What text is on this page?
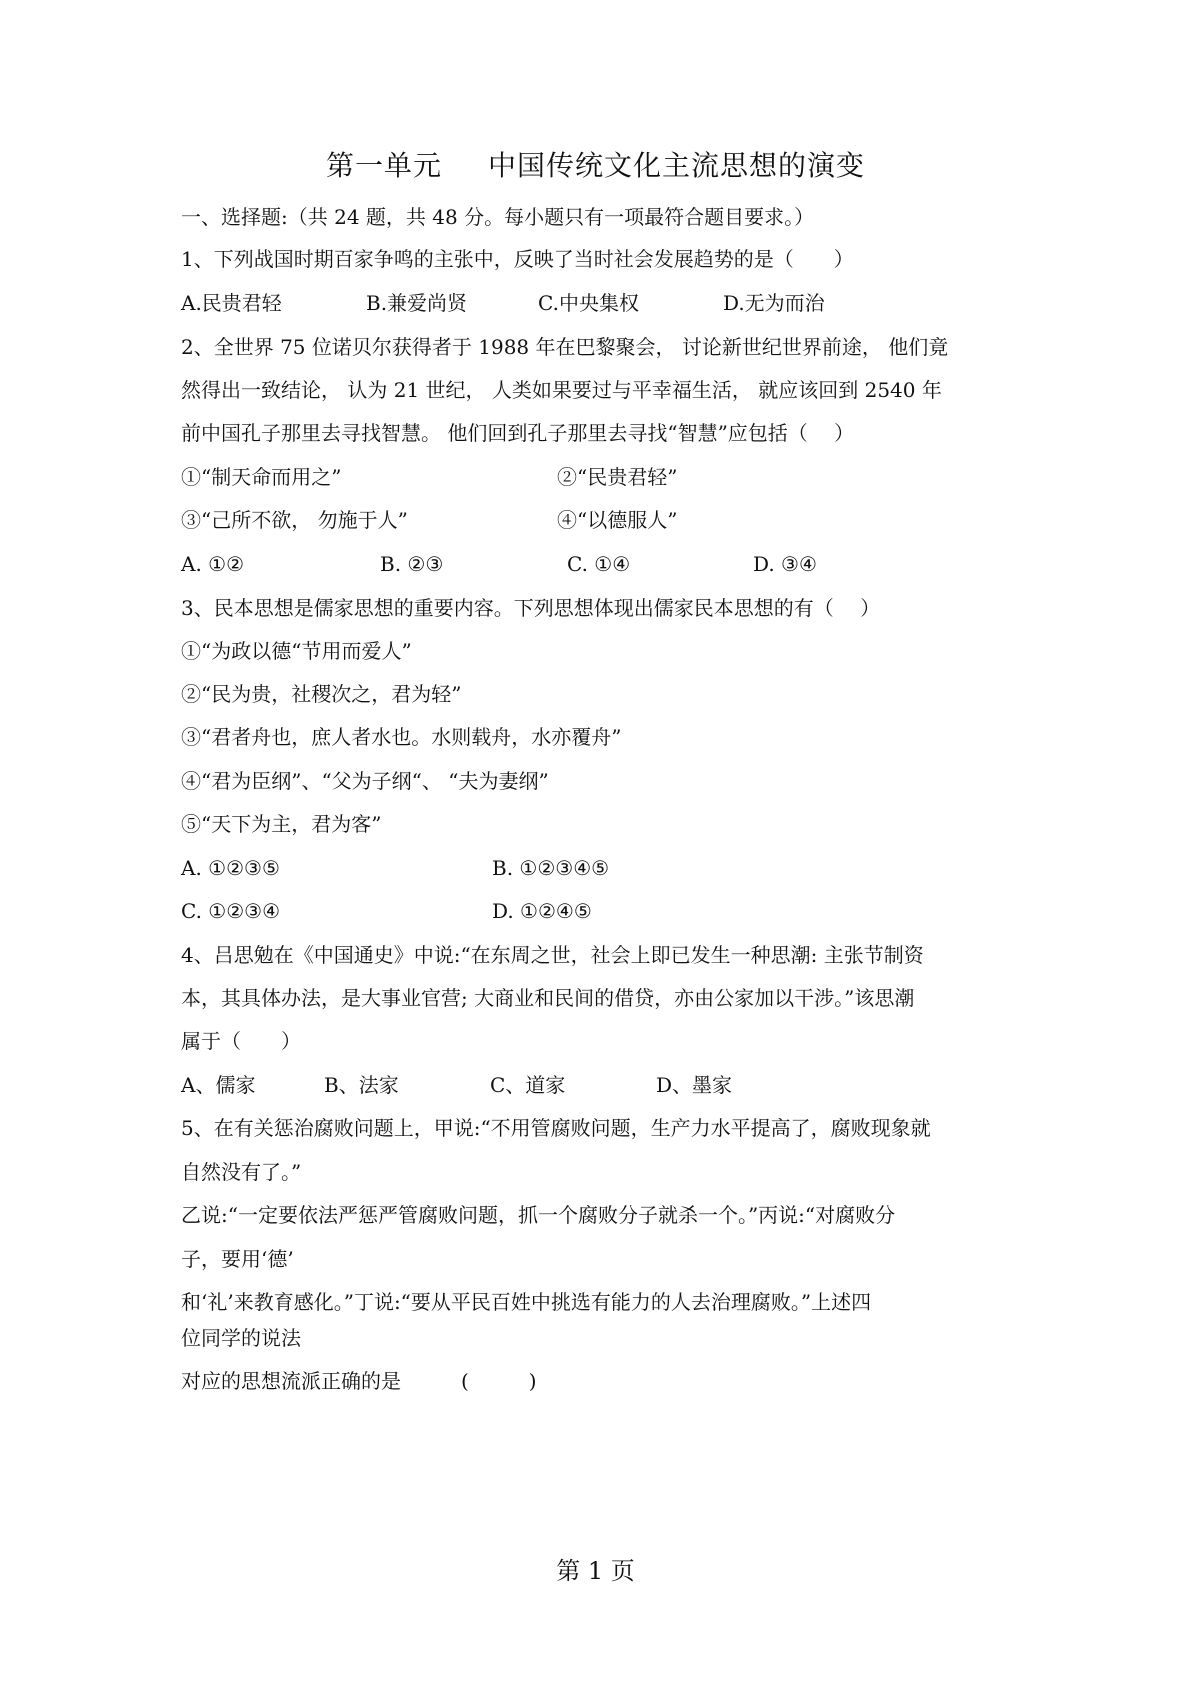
第一单元 中国传统文化主流思想的演变
一、选择题:（共 24 题，共 48 分。每小题只有一项最符合题目要求。）
1、下列战国时期百家争鸣的主张中，反映了当时社会发展趋势的是（　　）
A.民贵君轻	B.兼爱尚贤	C.中央集权	D.无为而治
2、全世界 75 位诺贝尔获得者于 1988 年在巴黎聚会， 讨论新世纪世界前途， 他们竟
然得出一致结论， 认为 21 世纪， 人类如果要过与平幸福生活， 就应该回到 2540 年
前中国孔子那里去寻找智慧。 他们回到孔子那里去寻找“智慧”应包括（　 ）
①“制天命而用之”	②“民贵君轻”
③“己所不欲， 勿施于人”	④“以德服人”
A. ①②	B. ②③	C. ①④	D. ③④
3、民本思想是儒家思想的重要内容。下列思想体现出儒家民本思想的有（　 ）
①“为政以德“节用而爱人”
②“民为贵，社稷次之，君为轻”
③“君者舟也，庶人者水也。水则载舟，水亦覆舟”
④“君为臣纲”、“父为子纲“、 “夫为妻纲”
⑤“天下为主，君为客”
A. ①②③⑤	B. ①②③④⑤
C. ①②③④	D. ①②④⑤
4、吕思勉在《中国通史》中说:“在东周之世，社会上即已发生一种思潮: 主张节制资
本，其具体办法，是大事业官营; 大商业和民间的借贷，亦由公家加以干涉。”该思潮
属于（　　）
A、儒家	B、法家	C、道家	D、墨家
5、在有关惩治腐败问题上，甲说:“不用管腐败问题，生产力水平提高了，腐败现象就
自然没有了。”
乙说:“一定要依法严惩严管腐败问题，抓一个腐败分子就杀一个。”丙说:“对腐败分
子，要用‘德’
和‘礼’来教育感化。”丁说:“要从平民百姓中挑选有能力的人去治理腐败。”上述四
位同学的说法
对应的思想流派正确的是　　　(　　　)
第 1 页
